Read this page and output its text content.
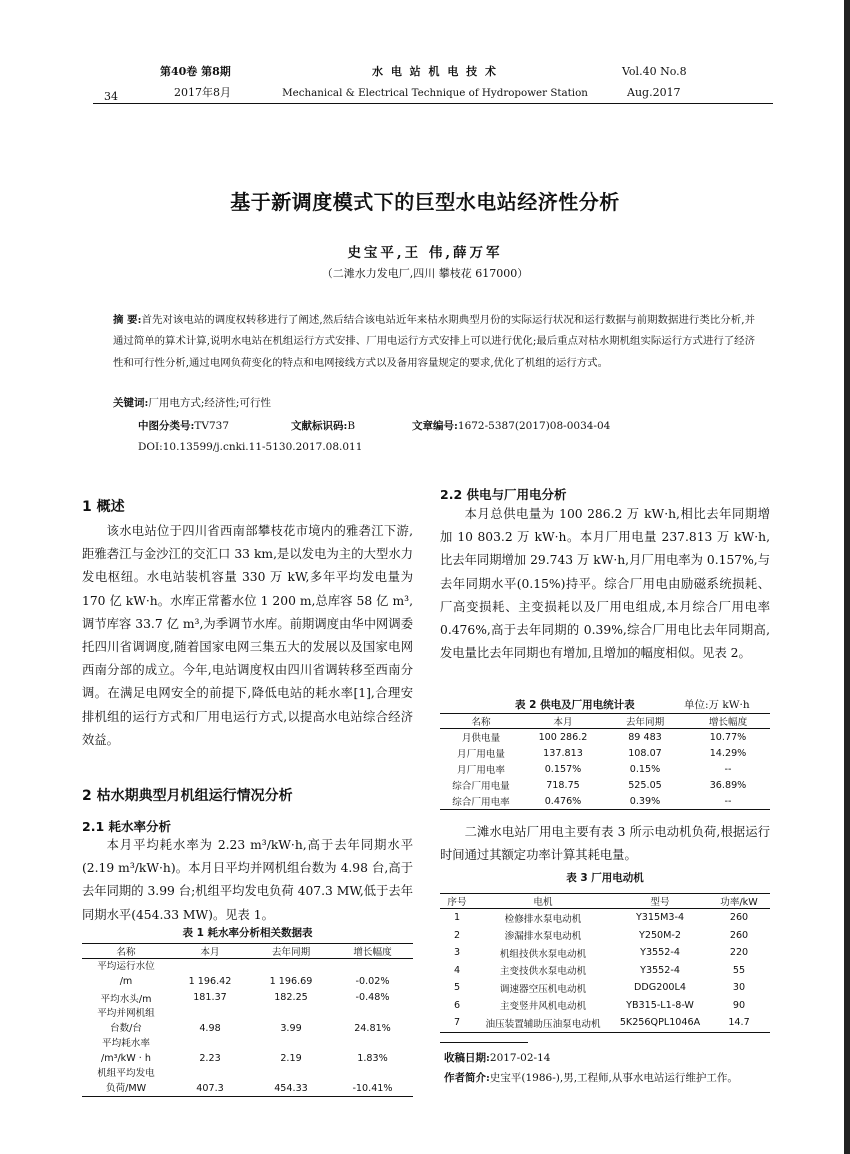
34
第40卷 第8期
2017年8月
水 电 站 机 电 技 术
Mechanical & Electrical Technique of Hydropower Station
Vol.40 No.8
Aug.2017
基于新调度模式下的巨型水电站经济性分析
史宝平,王 伟,薛万军
（二滩水力发电厂,四川 攀枝花 617000）
摘 要:首先对该电站的调度权转移进行了阐述,然后结合该电站近年来枯水期典型月份的实际运行状况和运行数据与前期数据进行类比分析,并通过简单的算术计算,说明水电站在机组运行方式安排、厂用电运行方式安排上可以进行优化;最后重点对枯水期机组实际运行方式进行了经济性和可行性分析,通过电网负荷变化的特点和电网接线方式以及备用容量规定的要求,优化了机组的运行方式。
关键词:厂用电方式;经济性;可行性
中图分类号:TV737	文献标识码:B	文章编号:1672-5387(2017)08-0034-04
DOI:10.13599/j.cnki.11-5130.2017.08.011
1 概述
该水电站位于四川省西南部攀枝花市境内的雅砻江下游,距雅砻江与金沙江的交汇口 33 km,是以发电为主的大型水力发电枢纽。水电站装机容量 330 万 kW,多年平均发电量为 170 亿 kW·h。水库正常蓄水位 1 200 m,总库容 58 亿 m³,调节库容 33.7 亿 m³,为季调节水库。前期调度由华中网调委托四川省调调度,随着国家电网三集五大的发展以及国家电网西南分部的成立。今年,电站调度权由四川省调转移至西南分调。在满足电网安全的前提下,降低电站的耗水率[1],合理安排机组的运行方式和厂用电运行方式,以提高水电站综合经济效益。
2 枯水期典型月机组运行情况分析
2.1 耗水率分析
本月平均耗水率为 2.23 m³/kW·h,高于去年同期水平 (2.19 m³/kW·h)。本月日平均并网机组台数为 4.98 台,高于去年同期的 3.99 台;机组平均发电负荷 407.3 MW,低于去年同期水平(454.33 MW)。见表 1。
表 1 耗水率分析相关数据表
名称	本月	去年同期	增长幅度
平均运行水位
/m	1 196.42	1 196.69	-0.02%
平均水头/m	181.37	182.25	-0.48%
平均并网机组
台数/台	4.98	3.99	24.81%
平均耗水率
/m³/kW · h	2.23	2.19	1.83%
机组平均发电
负荷/MW	407.3	454.33	-10.41%
2.2 供电与厂用电分析
本月总供电量为 100 286.2 万 kW·h,相比去年同期增加 10 803.2 万 kW·h。本月厂用电量 237.813 万 kW·h,比去年同期增加 29.743 万 kW·h,月厂用电率为 0.157%,与去年同期水平(0.15%)持平。综合厂用电由励磁系统损耗、厂高变损耗、主变损耗以及厂用电组成,本月综合厂用电率 0.476%,高于去年同期的 0.39%,综合厂用电比去年同期高,发电量比去年同期也有增加,且增加的幅度相似。见表 2。
表 2 供电及厂用电统计表	单位:万 kW·h
名称	本月	去年同期	增长幅度
月供电量	100 286.2	89 483	10.77%
月厂用电量	137.813	108.07	14.29%
月厂用电率	0.157%	0.15%	--
综合厂用电量	718.75	525.05	36.89%
综合厂用电率	0.476%	0.39%	--
二滩水电站厂用电主要有表 3 所示电动机负荷,根据运行时间通过其额定功率计算其耗电量。
表 3 厂用电动机
序号	电机	型号	功率/kW
1	检修排水泵电动机	Y315M3-4	260
2	渗漏排水泵电动机	Y250M-2	260
3	机组技供水泵电动机	Y3552-4	220
4	主变技供水泵电动机	Y3552-4	55
5	调速器空压机电动机	DDG200L4	30
6	主变竖井风机电动机	YB315-L1-8-W	90
7	油压装置辅助压油泵电动机	5K256QPL1046A	14.7
收稿日期:2017-02-14
作者简介:史宝平(1986-),男,工程师,从事水电站运行维护工作。
